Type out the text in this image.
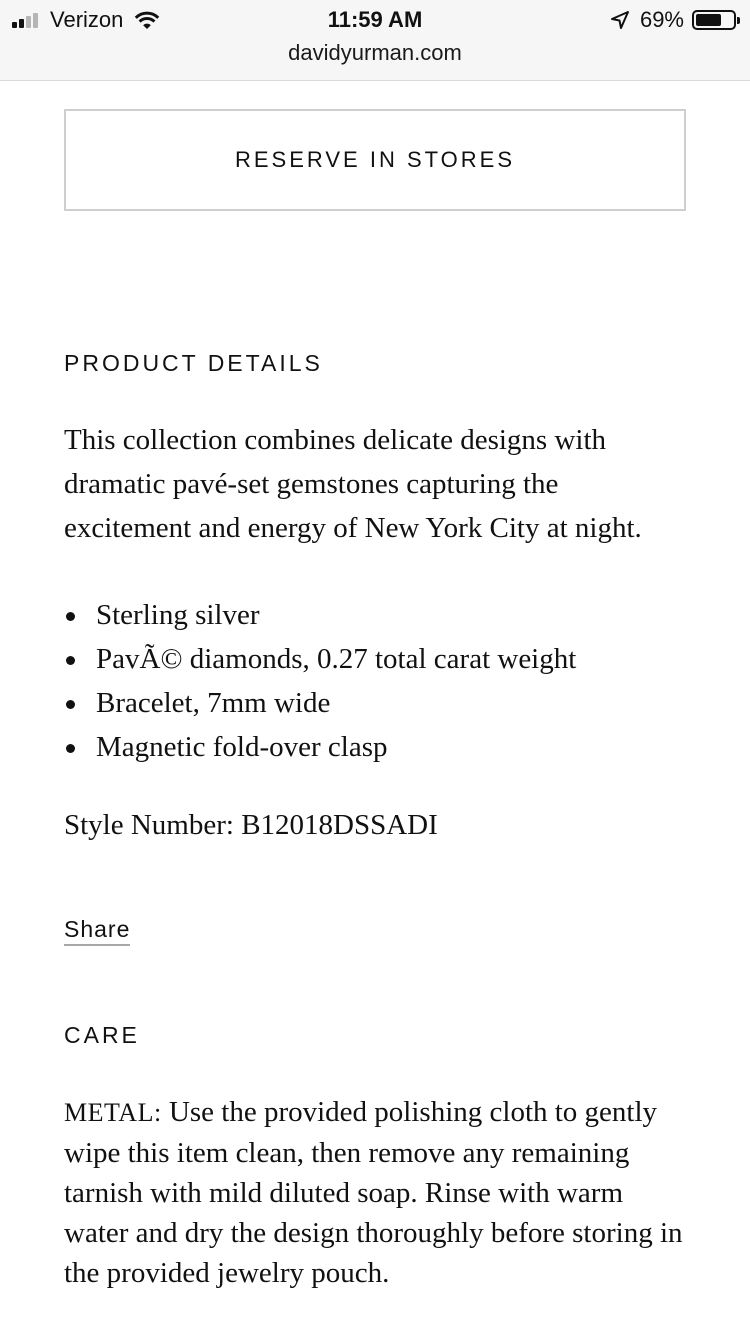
Verizon	11:59 AM	69%
davidyurman.com
RESERVE IN STORES
PRODUCT DETAILS

This collection combines delicate designs with dramatic pavé-set gemstones capturing the excitement and energy of New York City at night.

Sterling silver
PavÃ© diamonds, 0.27 total carat weight
Bracelet, 7mm wide
Magnetic fold-over clasp

Style Number: B12018DSSADI

Share
CARE

METAL: Use the provided polishing cloth to gently wipe this item clean, then remove any remaining tarnish with mild diluted soap. Rinse with warm water and dry the design thoroughly before storing in the provided jewelry pouch.
